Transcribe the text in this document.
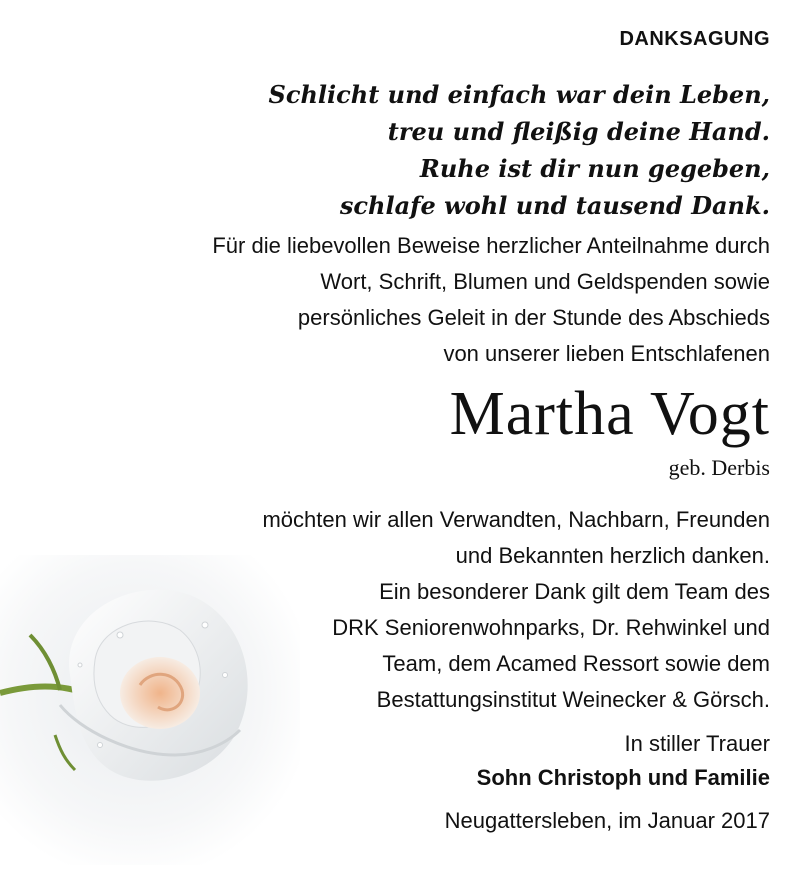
DANKSAGUNG
Schlicht und einfach war dein Leben,
treu und fleißig deine Hand.
Ruhe ist dir nun gegeben,
schlafe wohl und tausend Dank.
Für die liebevollen Beweise herzlicher Anteilnahme durch
Wort, Schrift, Blumen und Geldspenden sowie
persönliches Geleit in der Stunde des Abschieds
von unserer lieben Entschlafenen
Martha Vogt
geb. Derbis
möchten wir allen Verwandten, Nachbarn, Freunden
und Bekannten herzlich danken.
Ein besonderer Dank gilt dem Team des
DRK Seniorenwohnparks, Dr. Rehwinkel und
Team, dem Acamed Ressort sowie dem
Bestattungsinstitut Weinecker & Görsch.
In stiller Trauer
Sohn Christoph und Familie
Neugattersleben, im Januar 2017
